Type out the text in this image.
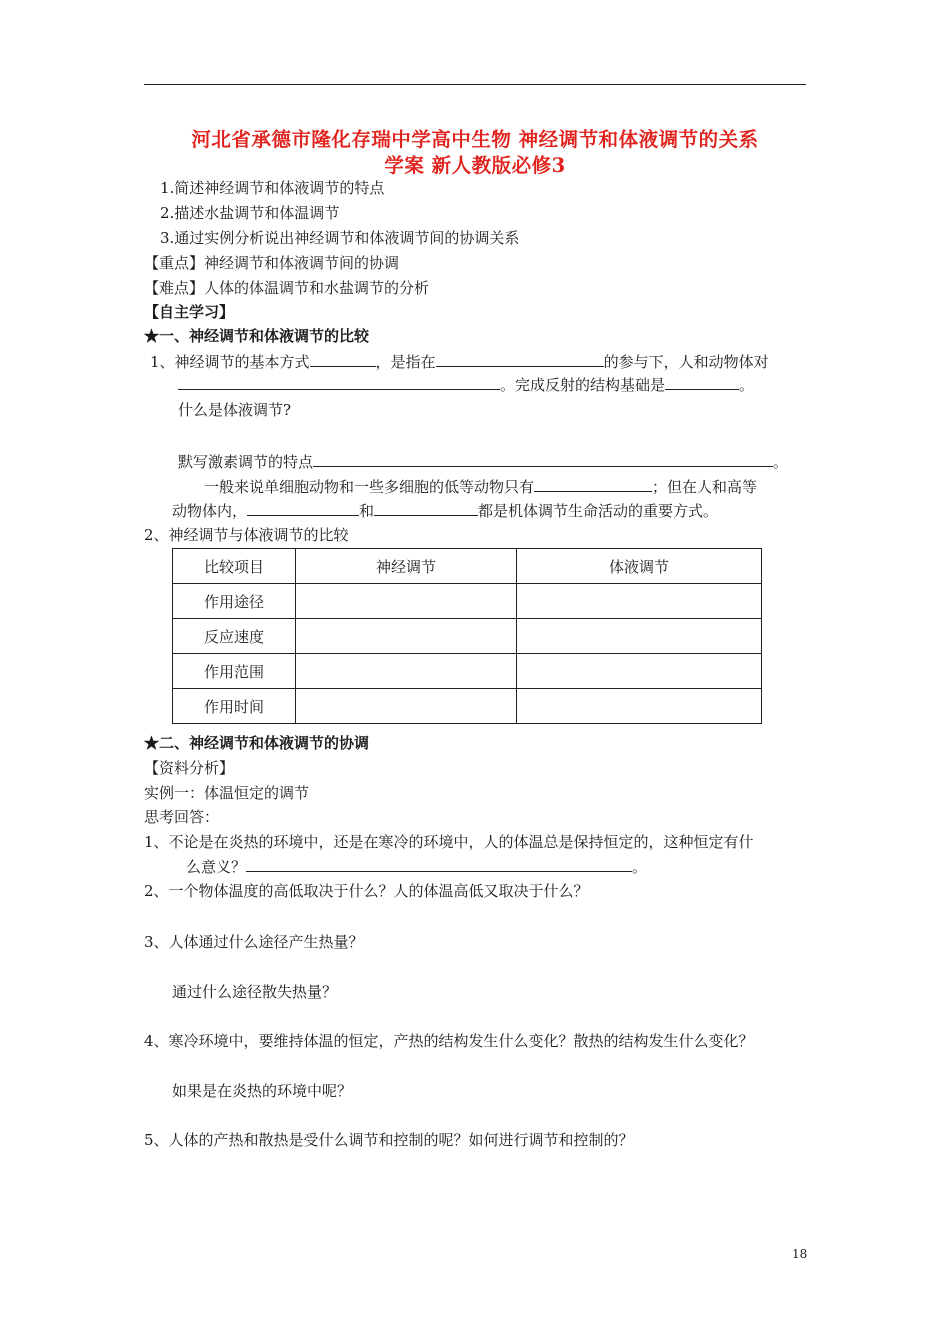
河北省承德市隆化存瑞中学高中生物 神经调节和体液调节的关系
学案 新人教版必修3
1.简述神经调节和体液调节的特点
2.描述水盐调节和体温调节
3.通过实例分析说出神经调节和体液调节间的协调关系
【重点】神经调节和体液调节间的协调
【难点】人体的体温调节和水盐调节的分析
【自主学习】
★一、神经调节和体液调节的比较
1、神经调节的基本方式	，是指在	的参与下，人和动物体对
。完成反射的结构基础是	。
什么是体液调节?
默写激素调节的特点	。
一般来说单细胞动物和一些多细胞的低等动物只有	；但在人和高等
动物体内，	和	都是机体调节生命活动的重要方式。
2、神经调节与体液调节的比较
比较项目	神经调节	体液调节
作用途径		
反应速度		
作用范围		
作用时间		
★二、神经调节和体液调节的协调
【资料分析】
实例一：体温恒定的调节
思考回答：
1、不论是在炎热的环境中，还是在寒冷的环境中，人的体温总是保持恒定的，这种恒定有什
么意义？	。
2、一个物体温度的高低取决于什么？人的体温高低又取决于什么？
3、人体通过什么途径产生热量？
通过什么途径散失热量？
4、寒冷环境中，要维持体温的恒定，产热的结构发生什么变化？散热的结构发生什么变化？
如果是在炎热的环境中呢？
5、人体的产热和散热是受什么调节和控制的呢？如何进行调节和控制的？
18
